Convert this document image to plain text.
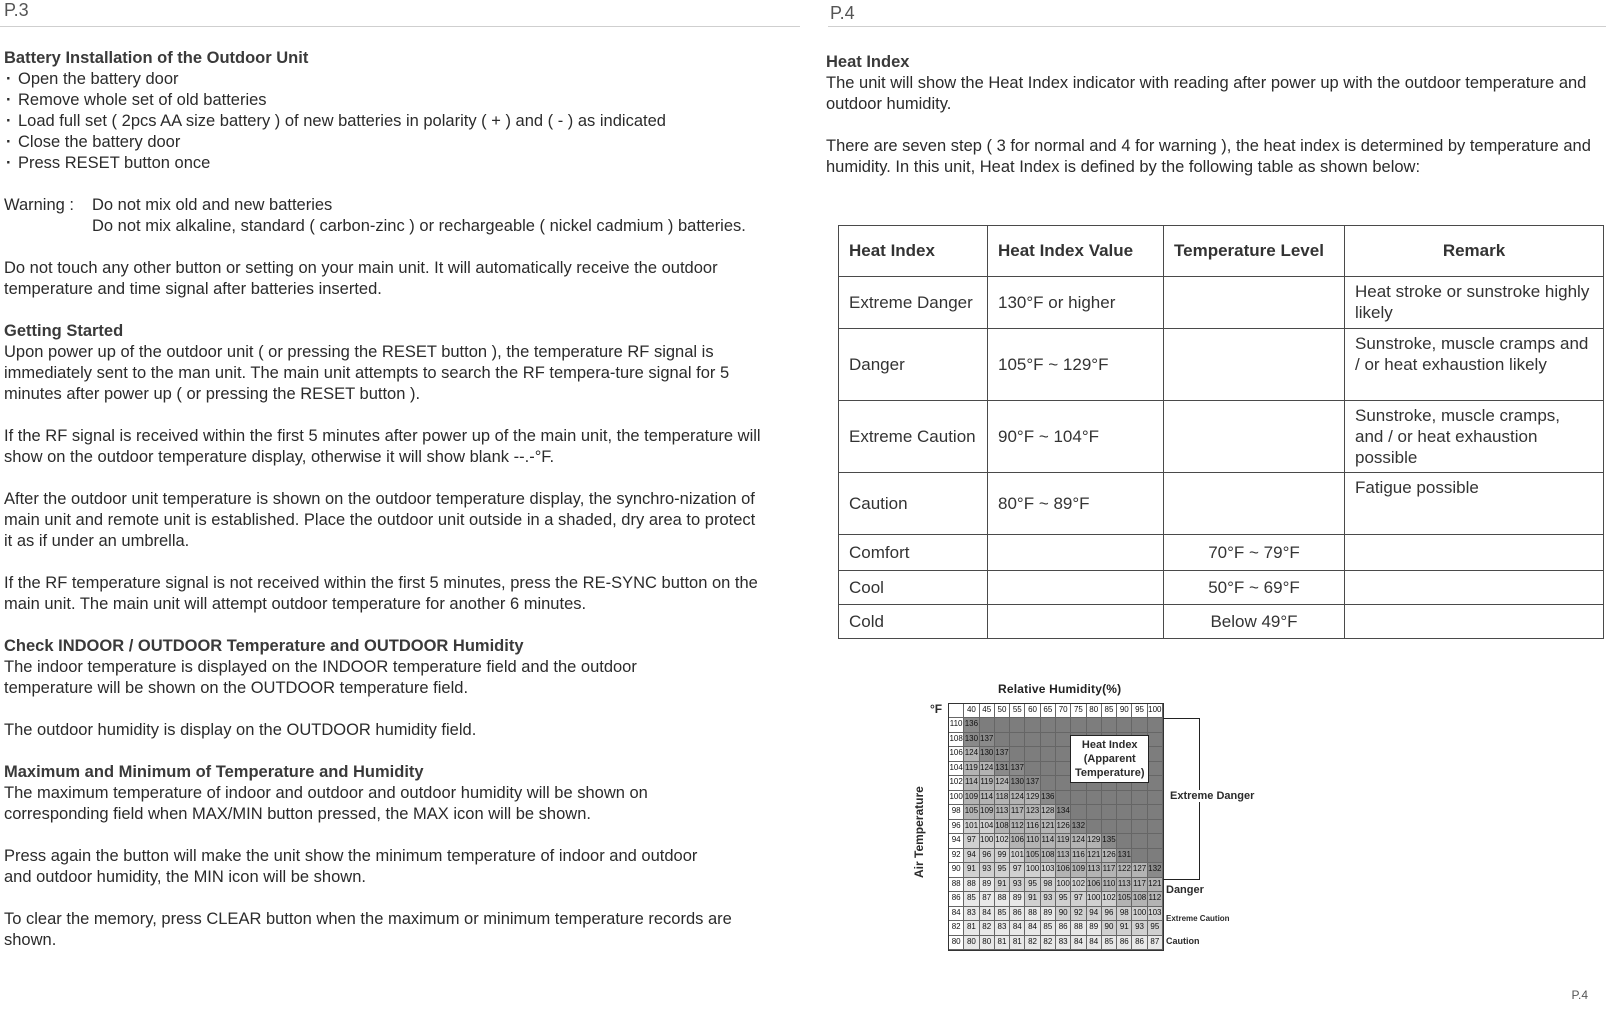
P.3	P.4
Battery Installation of the Outdoor Unit

· Open the battery door

· Remove whole set of old batteries

· Load full set ( 2pcs AA size battery ) of new batteries in polarity ( + ) and ( - ) as indicated

· Close the battery door

· Press RESET button once

Warning :	Do not mix old and new batteries

Do not mix alkaline, standard ( carbon-zinc ) or rechargeable ( nickel cadmium ) batteries.

Do not touch any other button or setting on your main unit. It will automatically receive the outdoor temperature and time signal after batteries inserted.

Getting Started

Upon power up of the outdoor unit ( or pressing the RESET button ), the temperature RF signal is immediately sent to the man unit. The main unit attempts to search the RF tempera-ture signal for 5 minutes after power up ( or pressing the RESET button ).

If the RF signal is received within the first 5 minutes after power up of the main unit, the temperature will show on the outdoor temperature display, otherwise it will show blank --.-°F.

After the outdoor unit temperature is shown on the outdoor temperature display, the synchro-nization of main unit and remote unit is established. Place the outdoor unit outside in a shaded, dry area to protect it as if under an umbrella.

If the RF temperature signal is not received within the first 5 minutes, press the RE-SYNC button on the main unit. The main unit will attempt outdoor temperature for another 6 minutes.

Check INDOOR / OUTDOOR Temperature and OUTDOOR Humidity

The indoor temperature is displayed on the INDOOR temperature field and the outdoor temperature will be shown on the OUTDOOR temperature field.

The outdoor humidity is display on the OUTDOOR humidity field.

Maximum and Minimum of Temperature and Humidity

The maximum temperature of indoor and outdoor and outdoor humidity will be shown on corresponding field when MAX/MIN button pressed, the MAX icon will be shown.

Press again the button will make the unit show the minimum temperature of indoor and outdoor and outdoor humidity, the MIN icon will be shown.

To clear the memory, press CLEAR button when the maximum or minimum temperature records are shown.

Heat Index

The unit will show the Heat Index indicator with reading after power up with the outdoor temperature and outdoor humidity.

There are seven step ( 3 for normal and 4 for warning ), the heat index is determined by temperature and humidity. In this unit, Heat Index is defined by the following table as shown below:

Heat Index	Heat Index Value	Temperature Level	Remark
Extreme Danger	130°F or higher		Heat stroke or sunstroke highly likely
Danger	105°F ~ 129°F		Sunstroke, muscle cramps and / or heat exhaustion likely
Extreme Caution	90°F ~ 104°F		Sunstroke, muscle cramps, and / or heat exhaustion possible
Caution	80°F ~ 89°F		Fatigue possible
Comfort		70°F ~ 79°F	
Cool		50°F ~ 69°F	
Cold		Below 49°F	
Relative Humidity(%)
°F
Air Temperature
40 45 50 55 60 65 70 75 80 85 90 95 100
110 136
108 130 137
106 124 130 137
104 119 124 131 137
102 114 119 124 130 137
100 109 114 118 124 129 136
98 105 109 113 117 123 128 134
96 101 104 108 112 116 121 126 132
94 97 100 102 106 110 114 119 124 129 135
92 94 96 99 101 105 108 113 116 121 126 131
90 91 93 95 97 100 103 106 109 113 117 122 127 132
88 88 89 91 93 95 98 100 102 106 110 113 117 121
86 85 87 88 89 91 93 95 97 100 102 105 108 112
84 83 84 85 86 88 89 90 92 94 96 98 100 103
82 81 82 83 84 84 85 86 88 89 90 91 93 95
80 80 80 81 81 82 82 83 84 84 85 86 86 87
Heat Index
(Apparent
Temperature)
Extreme Danger
Danger
Extreme Caution
Caution
P.4
